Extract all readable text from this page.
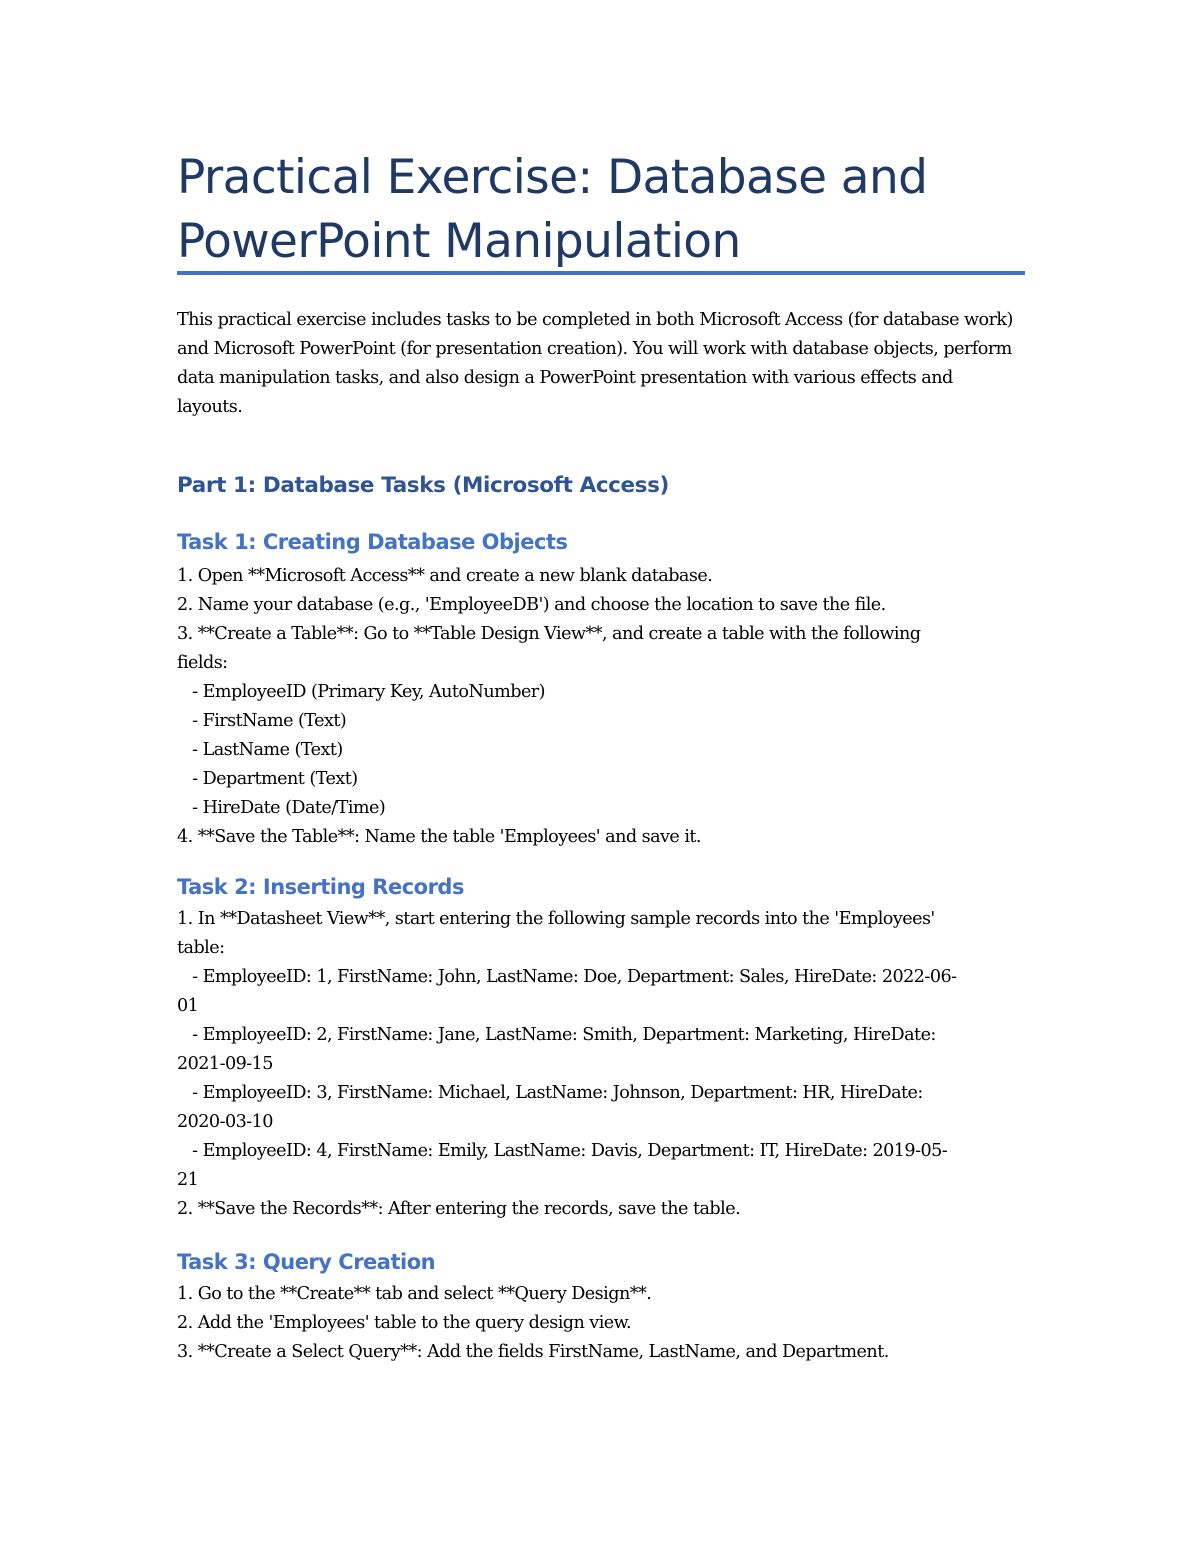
Practical Exercise: Database and PowerPoint Manipulation

This practical exercise includes tasks to be completed in both Microsoft Access (for database work) and Microsoft PowerPoint (for presentation creation). You will work with database objects, perform data manipulation tasks, and also design a PowerPoint presentation with various effects and layouts.

Part 1: Database Tasks (Microsoft Access)
Task 1: Creating Database Objects

1. Open **Microsoft Access** and create a new blank database.

2. Name your database (e.g., 'EmployeeDB') and choose the location to save the file.

3. **Create a Table**: Go to **Table Design View**, and create a table with the following

fields:

- EmployeeID (Primary Key, AutoNumber)

- FirstName (Text)

- LastName (Text)

- Department (Text)

- HireDate (Date/Time)

4. **Save the Table**: Name the table 'Employees' and save it.

Task 2: Inserting Records

1. In **Datasheet View**, start entering the following sample records into the 'Employees'

table:

- EmployeeID: 1, FirstName: John, LastName: Doe, Department: Sales, HireDate: 2022-06-

01

- EmployeeID: 2, FirstName: Jane, LastName: Smith, Department: Marketing, HireDate:

2021-09-15

- EmployeeID: 3, FirstName: Michael, LastName: Johnson, Department: HR, HireDate:

2020-03-10

- EmployeeID: 4, FirstName: Emily, LastName: Davis, Department: IT, HireDate: 2019-05-

21

2. **Save the Records**: After entering the records, save the table.

Task 3: Query Creation

1. Go to the **Create** tab and select **Query Design**.

2. Add the 'Employees' table to the query design view.

3. **Create a Select Query**: Add the fields FirstName, LastName, and Department.
